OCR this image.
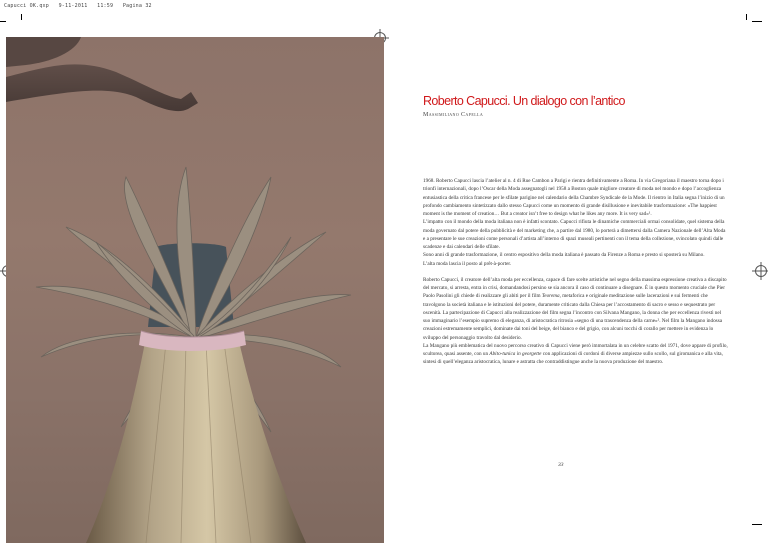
Capucci OK.qxp 9-11-2011 11:59 Pagina 32
Roberto Capucci. Un dialogo con l’antico
Massimiliano Capella

1968. Roberto Capucci lascia l’atelier al n. 4 di Rue Cambon a Parigi e rientra definitivamente a Roma. In via Gregoriana il maestro torna dopo i trionfi internazionali, dopo l’Oscar della Moda assegnatogli nel 1958 a Boston quale migliore creatore di moda nel mondo e dopo l’accoglienza entusiastica della critica francese per le sfilate parigine nel calendario della Chambre Syndicale de la Mode. Il rientro in Italia segna l’inizio di un profondo cambiamento sintetizzato dallo stesso Capucci come un momento di grande disillusione e inevitabile trasformazione: «The happiest moment is the moment of creation… But a creator isn’t free to design what he likes any more. It is very sad»¹.
L’impatto con il mondo della moda italiana non è infatti scontato. Capucci rifiuta le dinamiche commerciali ormai consolidate, quel sistema della moda governato dal potere della pubblicità e del marketing che, a partire dal 1980, lo porterà a dimettersi dalla Camera Nazionale dell’Alta Moda e a presentare le sue creazioni come personali d’artista all’interno di spazi museali pertinenti con il tema della collezione, svincolato quindi dalle scadenze e dai calendari delle sfilate.
Sono anni di grande trasformazione, il centro espositivo della moda italiana è passato da Firenze a Roma e presto si sposterà su Milano.
L’alta moda lascia il posto al prêt-à-porter.

Roberto Capucci, il creatore dell’alta moda per eccellenza, capace di fare scelte artistiche nel segno della massima espressione creativa a discapito del mercato, si arresta, entra in crisi, domandandosi persino se sia ancora il caso di continuare a disegnare. È in questo momento cruciale che Pier Paolo Pasolini gli chiede di realizzare gli abiti per il film Teorema, metaforica e originale meditazione sulle lacerazioni e sui fermenti che travolgono la società italiana e le istituzioni del potere, duramente criticato dalla Chiesa per l’accostamento di sacro e sesso e sequestrato per oscenità. La partecipazione di Capucci alla realizzazione del film segna l’incontro con Silvana Mangano, la donna che per eccellenza rivestì nel suo immaginario l’esempio supremo di eleganza, di aristocratica ritrosia «segno di una trascendenza della carne»². Nel film la Mangano indossa creazioni estremamente semplici, dominate dai toni del beige, del bianco e del grigio, con alcuni tocchi di corallo per mettere in evidenza lo sviluppo del personaggio travolto dal desiderio.
La Mangano più emblematica del nuovo percorso creativo di Capucci viene però immortalata in un celebre scatto del 1971, dove appare di profilo, scultorea, quasi assente, con un Abito-tunica in georgette con applicazioni di cordoni di diverse ampiezze sullo scollo, sul giromanica e alla vita, sintesi di quell’eleganza aristocratica, lunare e astratta che contraddistingue anche la nuova produzione del maestro.

33
